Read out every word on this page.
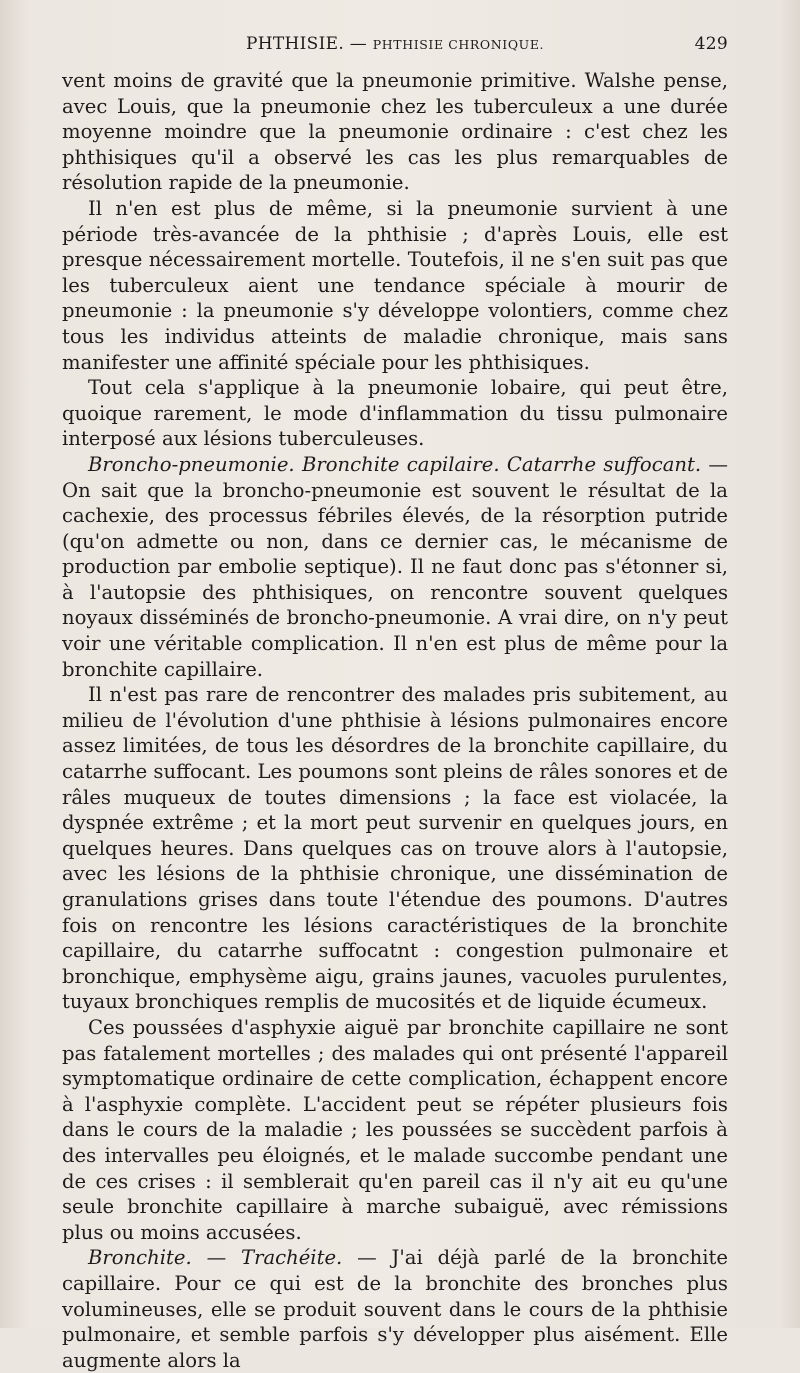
PHTHISIE. — PHTHISIE CHRONIQUE.	429

vent moins de gravité que la pneumonie primitive. Walshe pense, avec Louis, que la pneumonie chez les tuberculeux a une durée moyenne moindre que la pneumonie ordinaire : c'est chez les phthisiques qu'il a observé les cas les plus remarquables de résolution rapide de la pneumonie.

Il n'en est plus de même, si la pneumonie survient à une période très-avancée de la phthisie ; d'après Louis, elle est presque nécessairement mortelle. Toutefois, il ne s'en suit pas que les tuberculeux aient une tendance spéciale à mourir de pneumonie : la pneumonie s'y développe volontiers, comme chez tous les individus atteints de maladie chronique, mais sans manifester une affinité spéciale pour les phthisiques.

Tout cela s'applique à la pneumonie lobaire, qui peut être, quoique rarement, le mode d'inflammation du tissu pulmonaire interposé aux lésions tuberculeuses.

Broncho-pneumonie. Bronchite capilaire. Catarrhe suffocant. — On sait que la broncho-pneumonie est souvent le résultat de la cachexie, des processus fébriles élevés, de la résorption putride (qu'on admette ou non, dans ce dernier cas, le mécanisme de production par embolie septique). Il ne faut donc pas s'étonner si, à l'autopsie des phthisiques, on rencontre souvent quelques noyaux disséminés de broncho-pneumonie. A vrai dire, on n'y peut voir une véritable complication. Il n'en est plus de même pour la bronchite capillaire.

Il n'est pas rare de rencontrer des malades pris subitement, au milieu de l'évolution d'une phthisie à lésions pulmonaires encore assez limitées, de tous les désordres de la bronchite capillaire, du catarrhe suffocant. Les poumons sont pleins de râles sonores et de râles muqueux de toutes dimensions ; la face est violacée, la dyspnée extrême ; et la mort peut survenir en quelques jours, en quelques heures. Dans quelques cas on trouve alors à l'autopsie, avec les lésions de la phthisie chronique, une dissémination de granulations grises dans toute l'étendue des poumons. D'autres fois on rencontre les lésions caractéristiques de la bronchite capillaire, du catarrhe suffocatnt : congestion pulmonaire et bronchique, emphysème aigu, grains jaunes, vacuoles purulentes, tuyaux bronchiques remplis de mucosités et de liquide écumeux.

Ces poussées d'asphyxie aiguë par bronchite capillaire ne sont pas fatalement mortelles ; des malades qui ont présenté l'appareil symptomatique ordinaire de cette complication, échappent encore à l'asphyxie complète. L'accident peut se répéter plusieurs fois dans le cours de la maladie ; les poussées se succèdent parfois à des intervalles peu éloignés, et le malade succombe pendant une de ces crises : il semblerait qu'en pareil cas il n'y ait eu qu'une seule bronchite capillaire à marche subaiguë, avec rémissions plus ou moins accusées.

Bronchite. — Trachéite. — J'ai déjà parlé de la bronchite capillaire. Pour ce qui est de la bronchite des bronches plus volumineuses, elle se produit souvent dans le cours de la phthisie pulmonaire, et semble parfois s'y développer plus aisément. Elle augmente alors la
